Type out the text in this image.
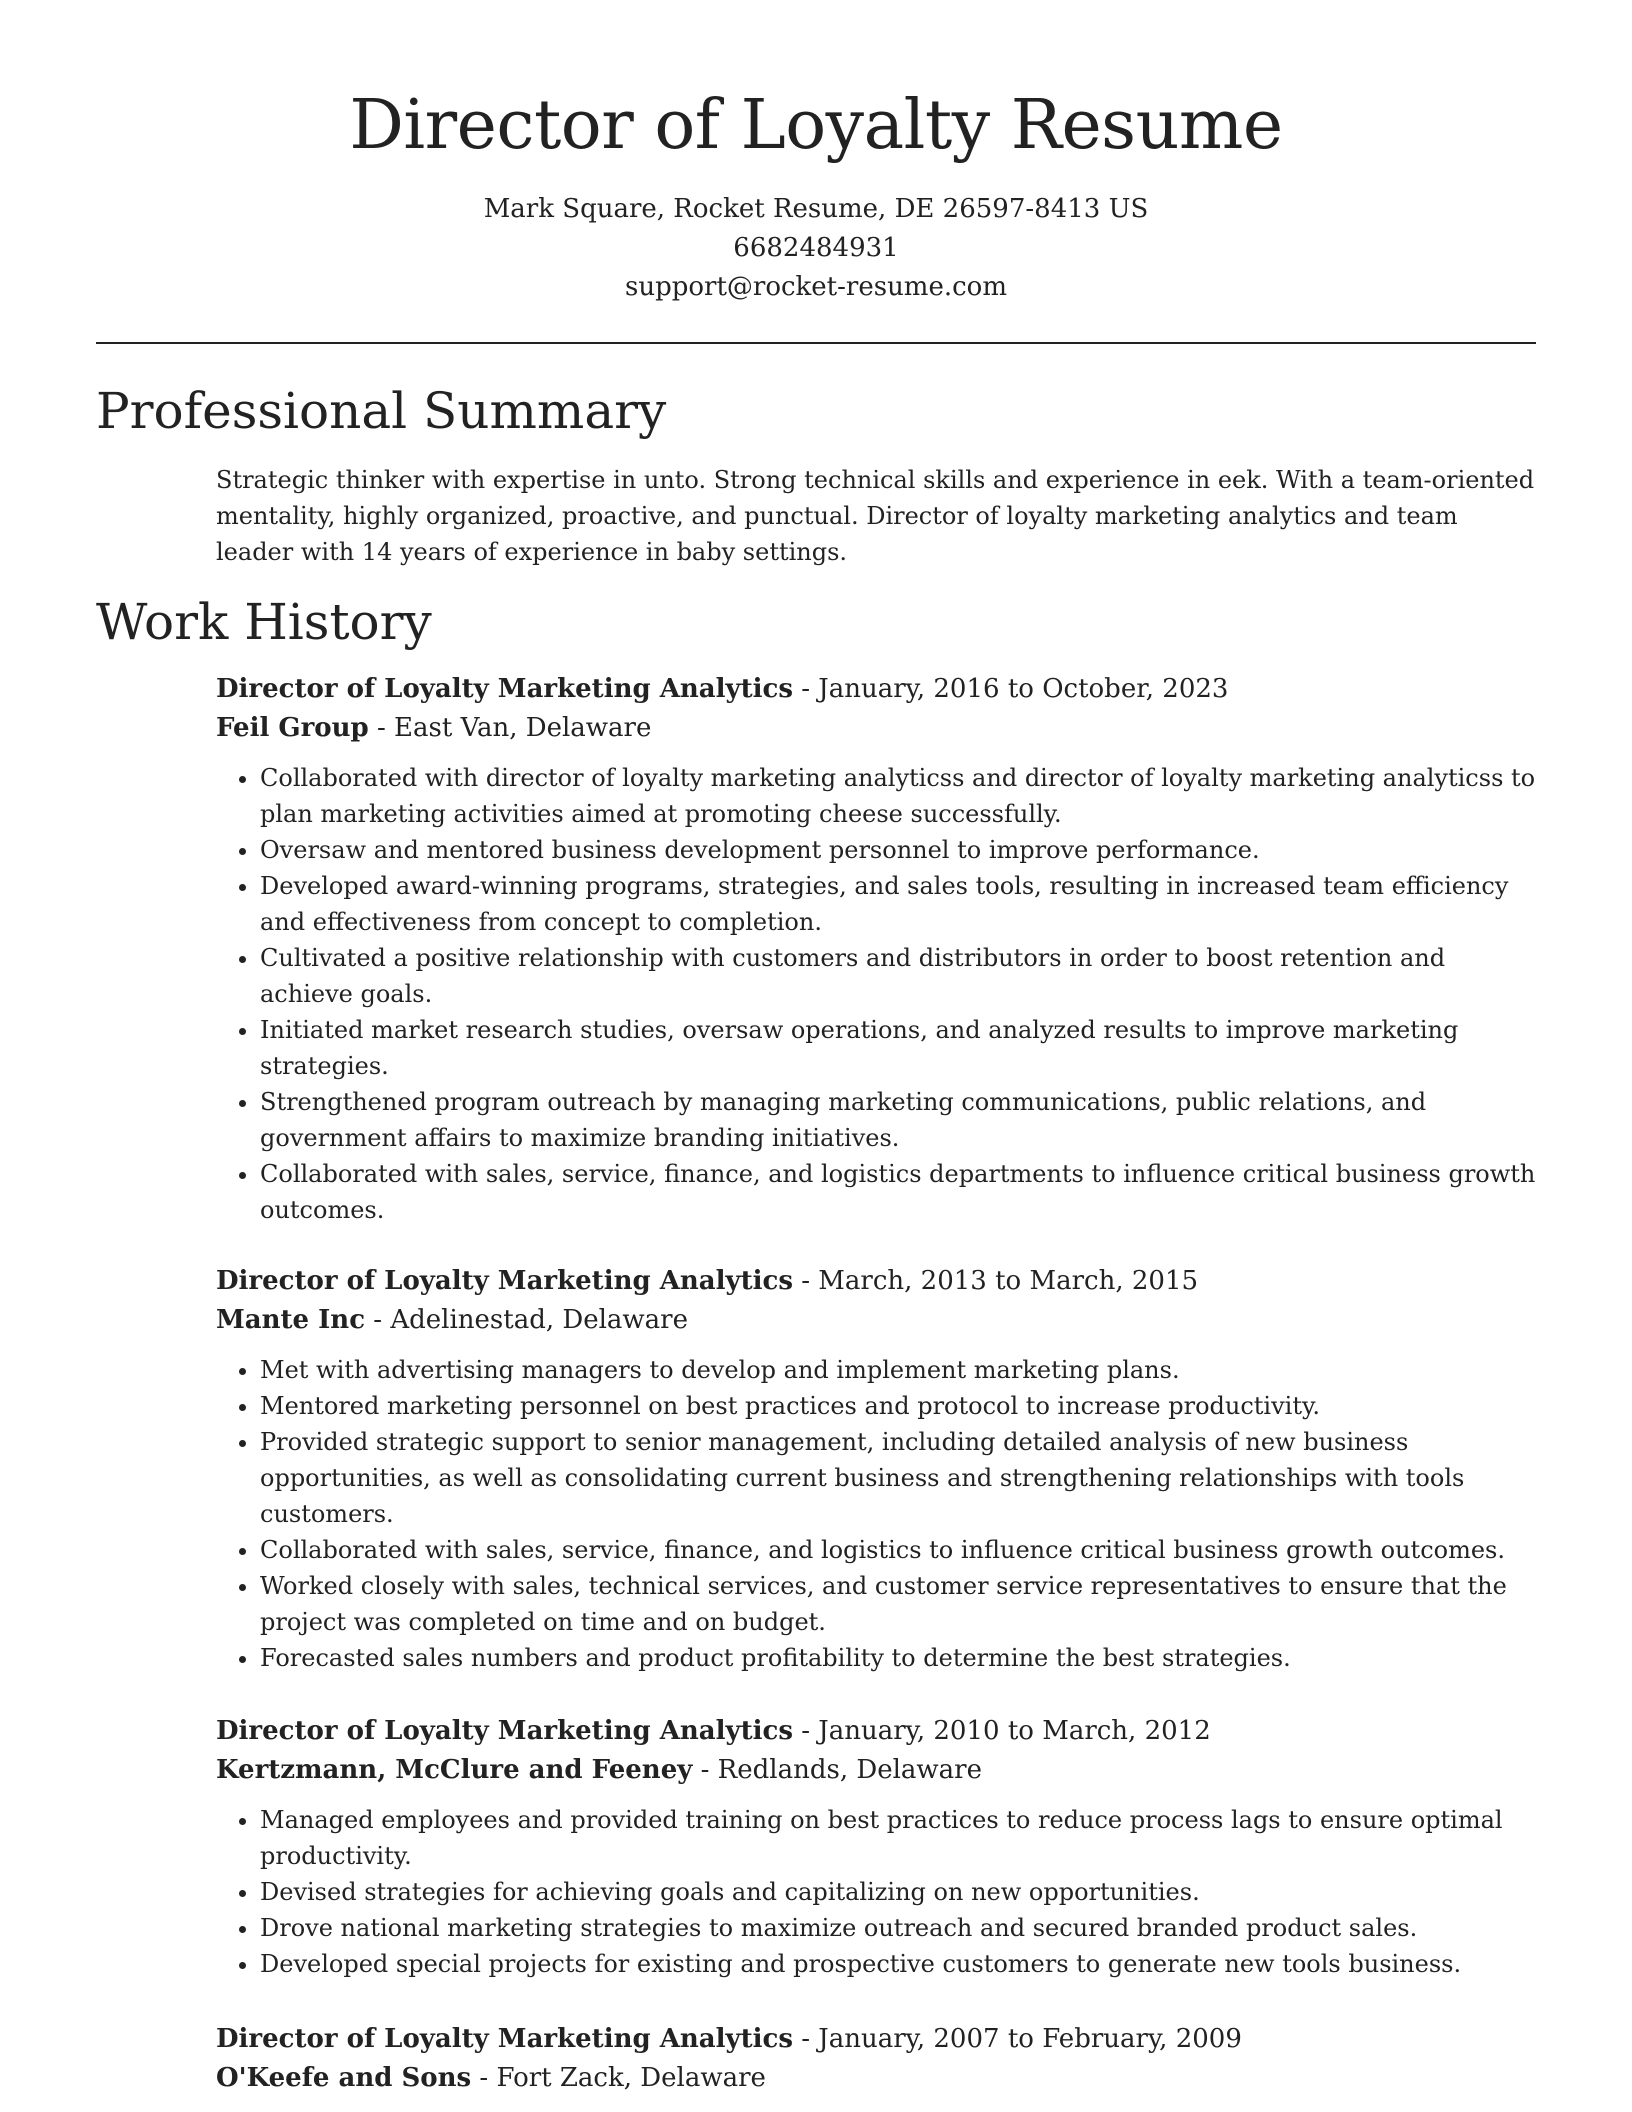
Director of Loyalty Resume
Mark Square, Rocket Resume, DE 26597-8413 US
6682484931
support@rocket-resume.com
Professional Summary

Strategic thinker with expertise in unto. Strong technical skills and experience in eek. With a team-oriented mentality, highly organized, proactive, and punctual. Director of loyalty marketing analytics and team leader with 14 years of experience in baby settings.

Work History
Director of Loyalty Marketing Analytics - January, 2016 to October, 2023
Feil Group - East Van, Delaware
• Collaborated with director of loyalty marketing analyticss and director of loyalty marketing analyticss to plan marketing activities aimed at promoting cheese successfully.
• Oversaw and mentored business development personnel to improve performance.
• Developed award-winning programs, strategies, and sales tools, resulting in increased team efficiency and effectiveness from concept to completion.
• Cultivated a positive relationship with customers and distributors in order to boost retention and achieve goals.
• Initiated market research studies, oversaw operations, and analyzed results to improve marketing strategies.
• Strengthened program outreach by managing marketing communications, public relations, and government affairs to maximize branding initiatives.
• Collaborated with sales, service, finance, and logistics departments to influence critical business growth outcomes.
Director of Loyalty Marketing Analytics - March, 2013 to March, 2015
Mante Inc - Adelinestad, Delaware
• Met with advertising managers to develop and implement marketing plans.
• Mentored marketing personnel on best practices and protocol to increase productivity.
• Provided strategic support to senior management, including detailed analysis of new business opportunities, as well as consolidating current business and strengthening relationships with tools customers.
• Collaborated with sales, service, finance, and logistics to influence critical business growth outcomes.
• Worked closely with sales, technical services, and customer service representatives to ensure that the project was completed on time and on budget.
• Forecasted sales numbers and product profitability to determine the best strategies.
Director of Loyalty Marketing Analytics - January, 2010 to March, 2012
Kertzmann, McClure and Feeney - Redlands, Delaware
• Managed employees and provided training on best practices to reduce process lags to ensure optimal productivity.
• Devised strategies for achieving goals and capitalizing on new opportunities.
• Drove national marketing strategies to maximize outreach and secured branded product sales.
• Developed special projects for existing and prospective customers to generate new tools business.
Director of Loyalty Marketing Analytics - January, 2007 to February, 2009
O'Keefe and Sons - Fort Zack, Delaware
